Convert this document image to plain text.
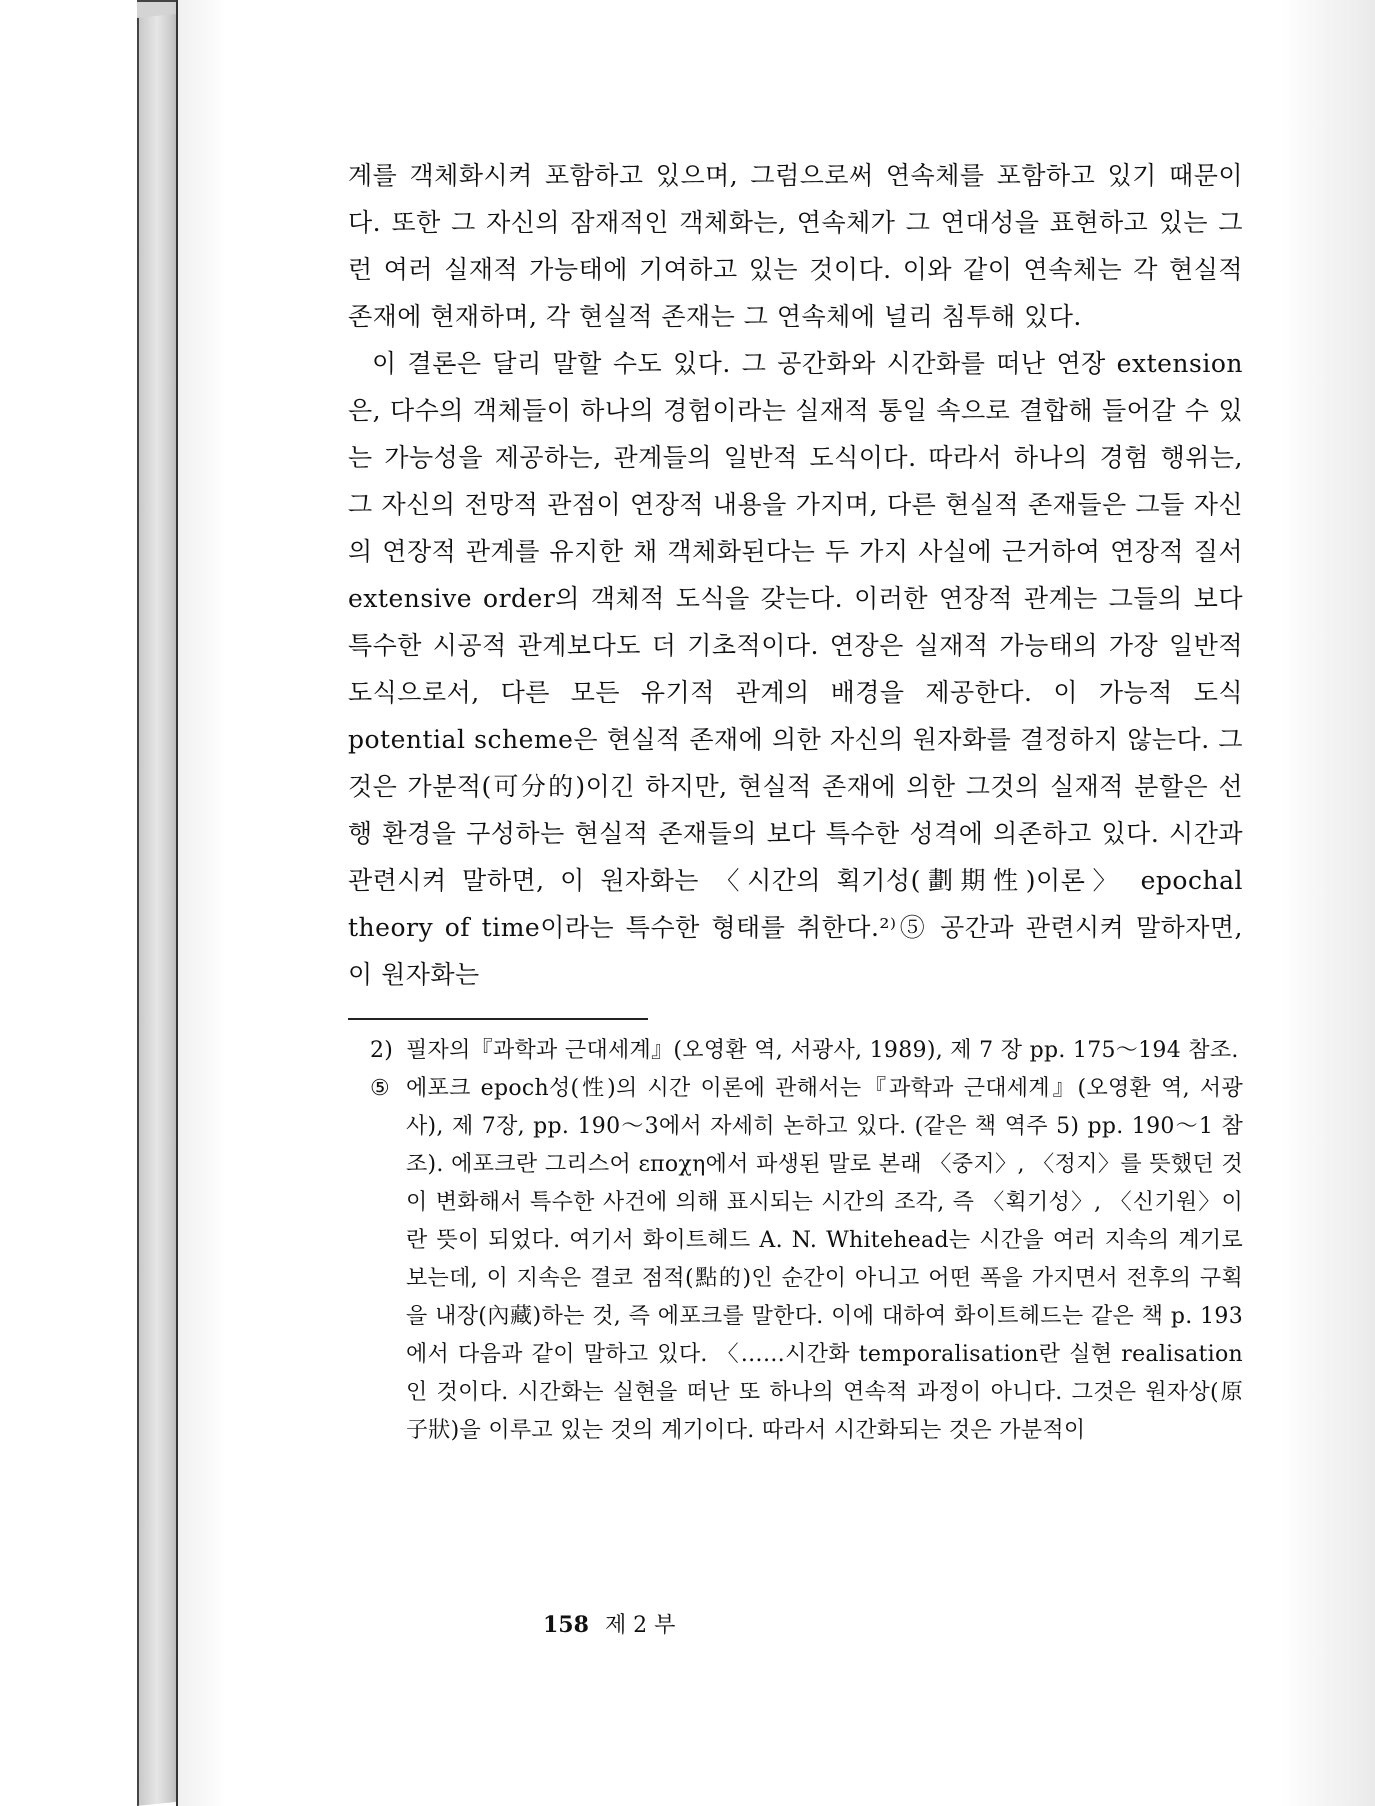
계를 객체화시켜 포함하고 있으며, 그럼으로써 연속체를 포함하고 있기 때문이다. 또한 그 자신의 잠재적인 객체화는, 연속체가 그 연대성을 표현하고 있는 그런 여러 실재적 가능태에 기여하고 있는 것이다. 이와 같이 연속체는 각 현실적 존재에 현재하며, 각 현실적 존재는 그 연속체에 널리 침투해 있다.

이 결론은 달리 말할 수도 있다. 그 공간화와 시간화를 떠난 연장 extension은, 다수의 객체들이 하나의 경험이라는 실재적 통일 속으로 결합해 들어갈 수 있는 가능성을 제공하는, 관계들의 일반적 도식이다. 따라서 하나의 경험 행위는, 그 자신의 전망적 관점이 연장적 내용을 가지며, 다른 현실적 존재들은 그들 자신의 연장적 관계를 유지한 채 객체화된다는 두 가지 사실에 근거하여 연장적 질서 extensive order의 객체적 도식을 갖는다. 이러한 연장적 관계는 그들의 보다 특수한 시공적 관계보다도 더 기초적이다. 연장은 실재적 가능태의 가장 일반적 도식으로서, 다른 모든 유기적 관계의 배경을 제공한다. 이 가능적 도식 potential scheme은 현실적 존재에 의한 자신의 원자화를 결정하지 않는다. 그것은 가분적(可分的)이긴 하지만, 현실적 존재에 의한 그것의 실재적 분할은 선행 환경을 구성하는 현실적 존재들의 보다 특수한 성격에 의존하고 있다. 시간과 관련시켜 말하면, 이 원자화는 〈시간의 획기성(劃期性)이론〉 epochal theory of time이라는 특수한 형태를 취한다.²⁾⑤ 공간과 관련시켜 말하자면, 이 원자화는

2) 필자의『과학과 근대세계』(오영환 역, 서광사, 1989), 제 7 장 pp. 175～194 참조.

⑤ 에포크 epoch성(性)의 시간 이론에 관해서는『과학과 근대세계』(오영환 역, 서광사), 제 7장, pp. 190～3에서 자세히 논하고 있다. (같은 책 역주 5) pp. 190～1 참조). 에포크란 그리스어 εποχη에서 파생된 말로 본래 〈중지〉, 〈정지〉를 뜻했던 것이 변화해서 특수한 사건에 의해 표시되는 시간의 조각, 즉 〈획기성〉, 〈신기원〉이란 뜻이 되었다. 여기서 화이트헤드 A. N. Whitehead는 시간을 여러 지속의 계기로 보는데, 이 지속은 결코 점적(點的)인 순간이 아니고 어떤 폭을 가지면서 전후의 구획을 내장(內藏)하는 것, 즉 에포크를 말한다. 이에 대하여 화이트헤드는 같은 책 p. 193에서 다음과 같이 말하고 있다. 〈……시간화 temporalisation란 실현 realisation인 것이다. 시간화는 실현을 떠난 또 하나의 연속적 과정이 아니다. 그것은 원자상(原子狀)을 이루고 있는 것의 계기이다. 따라서 시간화되는 것은 가분적이

158 제 2 부
